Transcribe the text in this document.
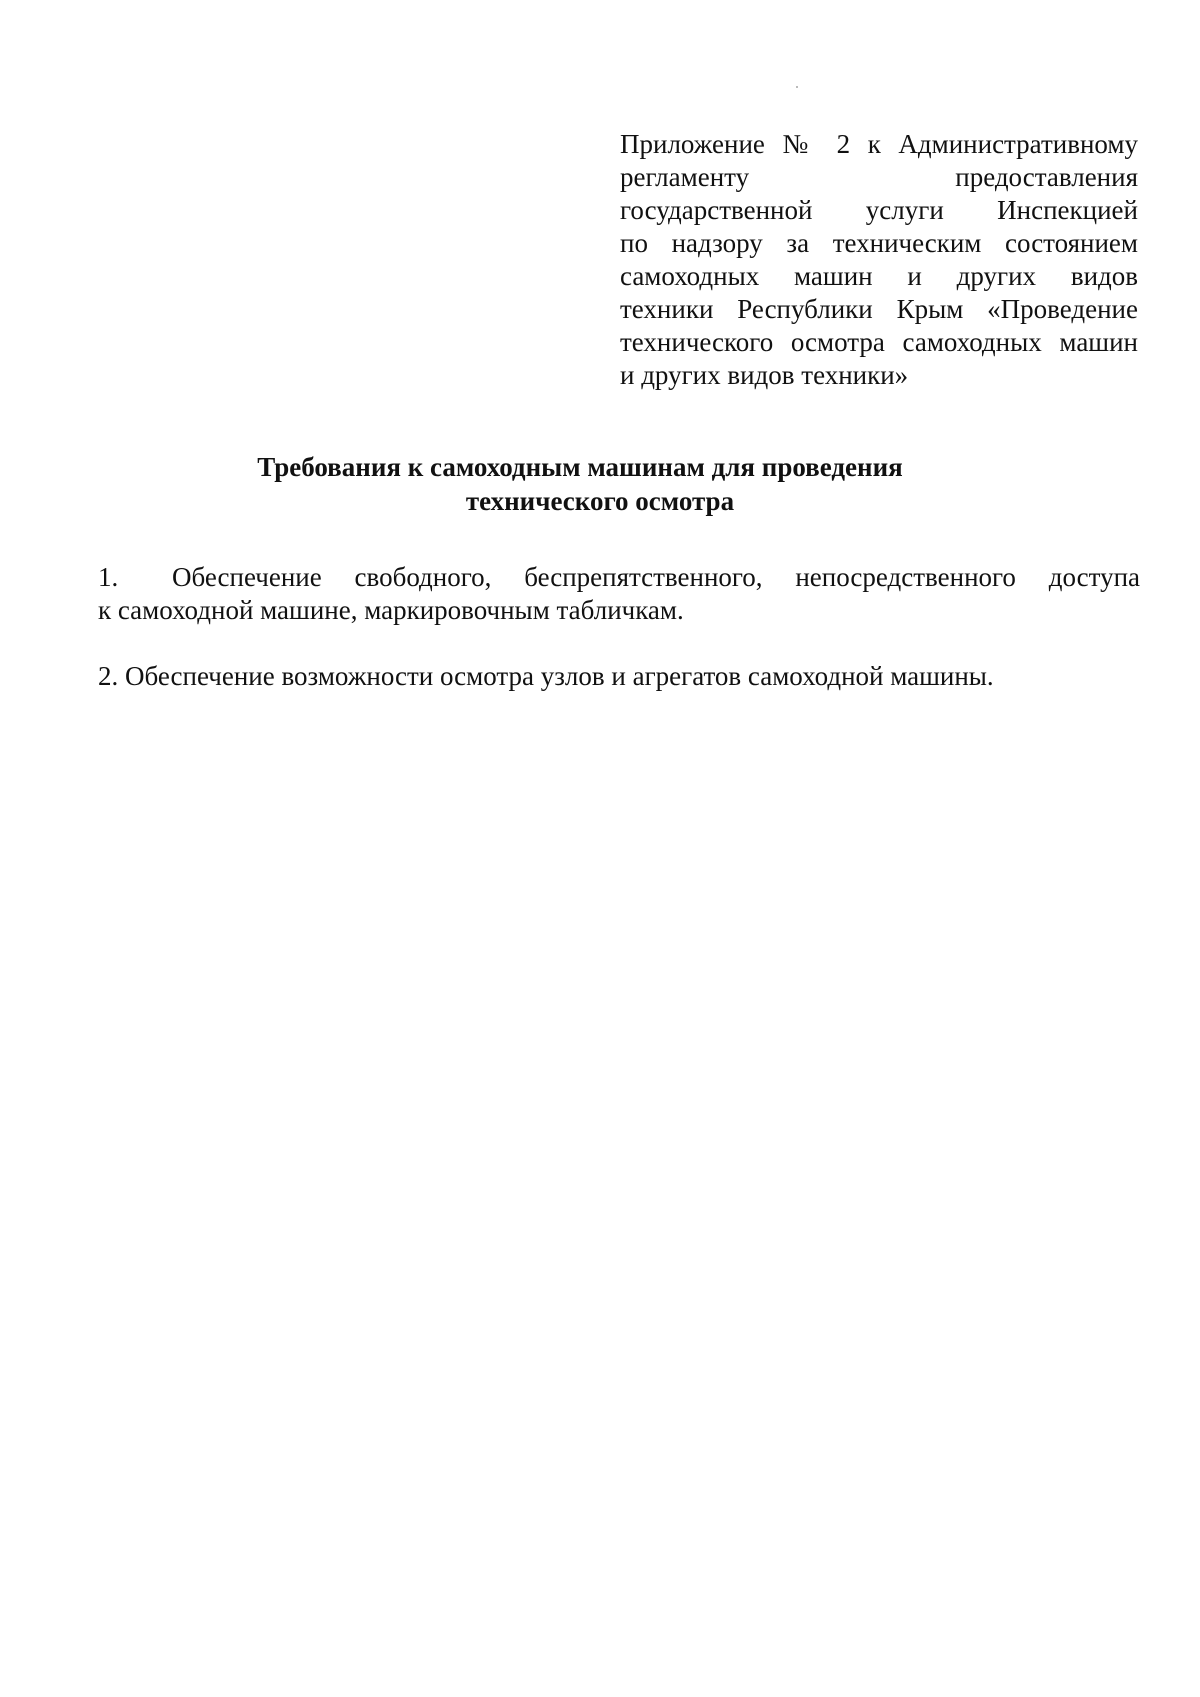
Приложение № 2 к Административному
регламенту предоставления
государственной услуги Инспекцией
по надзору за техническим состоянием
самоходных машин и других видов
техники Республики Крым «Проведение
технического осмотра самоходных машин
и других видов техники»
Требования к самоходным машинам для проведения
технического осмотра
1. Обеспечение свободного, беспрепятственного, непосредственного доступа
к самоходной машине, маркировочным табличкам.
2. Обеспечение возможности осмотра узлов и агрегатов самоходной машины.
